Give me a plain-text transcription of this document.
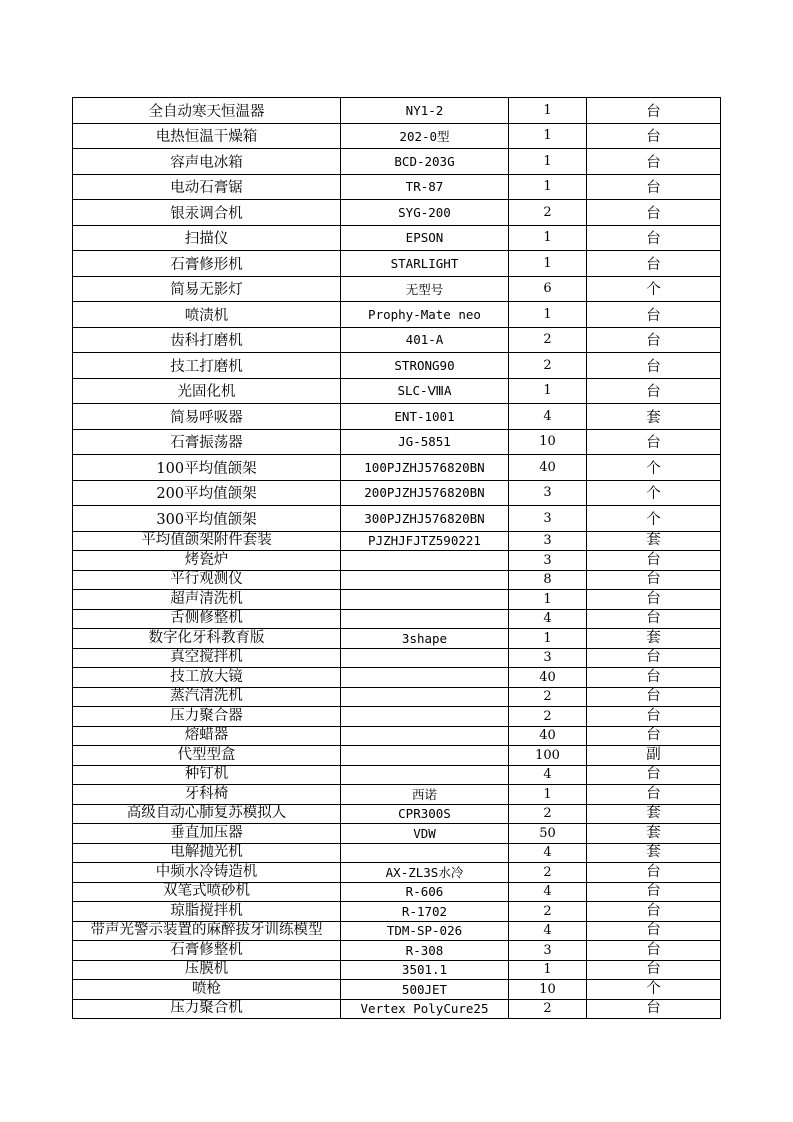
全自动寒天恒温器	NY1-2	1	台
电热恒温干燥箱	202-0型	1	台
容声电冰箱	BCD-203G	1	台
电动石膏锯	TR-87	1	台
银汞调合机	SYG-200	2	台
扫描仪	EPSON	1	台
石膏修形机	STARLIGHT	1	台
简易无影灯	无型号	6	个
喷渍机	Prophy-Mate neo	1	台
齿科打磨机	401-A	2	台
技工打磨机	STRONG90	2	台
光固化机	SLC-ⅧA	1	台
简易呼吸器	ENT-1001	4	套
石膏振荡器	JG-5851	10	台
100平均值颌架	100PJZHJ576820BN	40	个
200平均值颌架	200PJZHJ576820BN	3	个
300平均值颌架	300PJZHJ576820BN	3	个
平均值颌架附件套装	PJZHJFJTZ590221	3	套
烤瓷炉		3	台
平行观测仪		8	台
超声清洗机		1	台
舌侧修整机		4	台
数字化牙科教育版	3shape	1	套
真空搅拌机		3	台
技工放大镜		40	台
蒸汽清洗机		2	台
压力聚合器		2	台
熔蜡器		40	台
代型型盒		100	副
种钉机		4	台
牙科椅	西诺	1	台
高级自动心肺复苏模拟人	CPR300S	2	套
垂直加压器	VDW	50	套
电解抛光机		4	套
中频水冷铸造机	AX-ZL3S水冷	2	台
双笔式喷砂机	R-606	4	台
琼脂搅拌机	R-1702	2	台
带声光警示装置的麻醉拔牙训练模型	TDM-SP-026	4	台
石膏修整机	R-308	3	台
压膜机	3501.1	1	台
喷枪	500JET	10	个
压力聚合机	Vertex PolyCure25	2	台
